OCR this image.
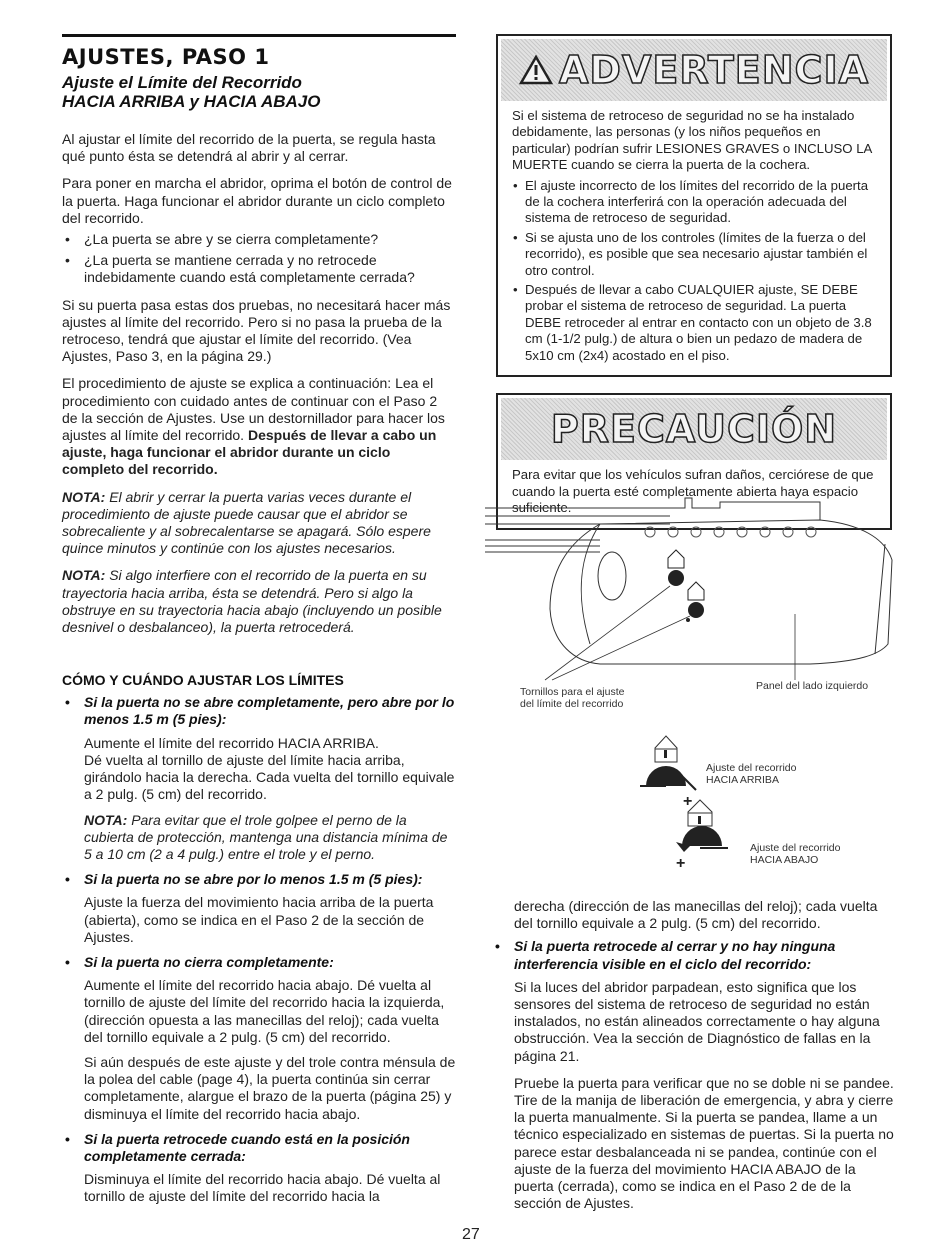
AJUSTES, PASO 1
Ajuste el Límite del Recorrido
HACIA ARRIBA y HACIA ABAJO

Al ajustar el límite del recorrido de la puerta, se regula hasta qué punto ésta se detendrá al abrir y al cerrar.

Para poner en marcha el abridor, oprima el botón de control de la puerta. Haga funcionar el abridor durante un ciclo completo del recorrido.

• ¿La puerta se abre y se cierra completamente?
• ¿La puerta se mantiene cerrada y no retrocede indebidamente cuando está completamente cerrada?

Si su puerta pasa estas dos pruebas, no necesitará hacer más ajustes al límite del recorrido. Pero si no pasa la prueba de la retroceso, tendrá que ajustar el límite del recorrido. (Vea Ajustes, Paso 3, en la página 29.)

El procedimiento de ajuste se explica a continuación: Lea el procedimiento con cuidado antes de continuar con el Paso 2 de la sección de Ajustes. Use un destornillador para hacer los ajustes al límite del recorrido. Después de llevar a cabo un ajuste, haga funcionar el abridor durante un ciclo completo del recorrido.

NOTA: El abrir y cerrar la puerta varias veces durante el procedimiento de ajuste puede causar que el abridor se sobrecaliente y al sobrecalentarse se apagará. Sólo espere quince minutos y continúe con los ajustes necesarios.

NOTA: Si algo interfiere con el recorrido de la puerta en su trayectoria hacia arriba, ésta se detendrá. Pero si algo la obstruye en su trayectoria hacia abajo (incluyendo un posible desnivel o desbalanceo), la puerta retrocederá.

CÓMO Y CUÁNDO AJUSTAR LOS LÍMITES
• Si la puerta no se abre completamente, pero abre por lo menos 1.5 m (5 pies):

Aumente el límite del recorrido HACIA ARRIBA.

Dé vuelta al tornillo de ajuste del límite hacia arriba, girándolo hacia la derecha. Cada vuelta del tornillo equivale a 2 pulg. (5 cm) del recorrido.

NOTA: Para evitar que el trole golpee el perno de la cubierta de protección, mantenga una distancia mínima de 5 a 10 cm (2 a 4 pulg.) entre el trole y el perno.

• Si la puerta no se abre por lo menos 1.5 m (5 pies):

Ajuste la fuerza del movimiento hacia arriba de la puerta (abierta), como se indica en el Paso 2 de la sección de Ajustes.

• Si la puerta no cierra completamente:

Aumente el límite del recorrido hacia abajo. Dé vuelta al tornillo de ajuste del límite del recorrido hacia la izquierda, (dirección opuesta a las manecillas del reloj); cada vuelta del tornillo equivale a 2 pulg. (5 cm) del recorrido.

Si aún después de este ajuste y del trole contra ménsula de la polea del cable (page 4), la puerta continúa sin cerrar completamente, alargue el brazo de la puerta (página 25) y disminuya el límite del recorrido hacia abajo.

• Si la puerta retrocede cuando está en la posición completamente cerrada:

Disminuya el límite del recorrido hacia abajo. Dé vuelta al tornillo de ajuste del límite del recorrido hacia la

ADVERTENCIA

Si el sistema de retroceso de seguridad no se ha instalado debidamente, las personas (y los niños pequeños en particular) podrían sufrir LESIONES GRAVES o INCLUSO LA MUERTE cuando se cierra la puerta de la cochera.

• El ajuste incorrecto de los límites del recorrido de la puerta de la cochera interferirá con la operación adecuada del sistema de retroceso de seguridad.
• Si se ajusta uno de los controles (límites de la fuerza o del recorrido), es posible que sea necesario ajustar también el otro control.
• Después de llevar a cabo CUALQUIER ajuste, SE DEBE probar el sistema de retroceso de seguridad. La puerta DEBE retroceder al entrar en contacto con un objeto de 3.8 cm (1-1/2 pulg.) de altura o bien un pedazo de madera de 5x10 cm (2x4) acostado en el piso.
PRECAUCIÓN

Para evitar que los vehículos sufran daños, cerciórese de que cuando la puerta esté completamente abierta haya espacio suficiente.

+
+
Tornillos para el ajuste
del límite del recorrido
Panel del lado izquierdo
Ajuste del recorrido
HACIA ARRIBA
Ajuste del recorrido
HACIA ABAJO

derecha (dirección de las manecillas del reloj); cada vuelta del tornillo equivale a 2 pulg. (5 cm) del recorrido.

• Si la puerta retrocede al cerrar y no hay ninguna interferencia visible en el ciclo del recorrido:

Si la luces del abridor parpadean, esto significa que los sensores del sistema de retroceso de seguridad no están instalados, no están alineados correctamente o hay alguna obstrucción. Vea la sección de Diagnóstico de fallas en la página 21.

Pruebe la puerta para verificar que no se doble ni se pandee. Tire de la manija de liberación de emergencia, y abra y cierre la puerta manualmente. Si la puerta se pandea, llame a un técnico especializado en sistemas de puertas. Si la puerta no parece estar desbalanceada ni se pandea, continúe con el ajuste de la fuerza del movimiento HACIA ABAJO de la puerta (cerrada), como se indica en el Paso 2 de de la sección de Ajustes.

27
